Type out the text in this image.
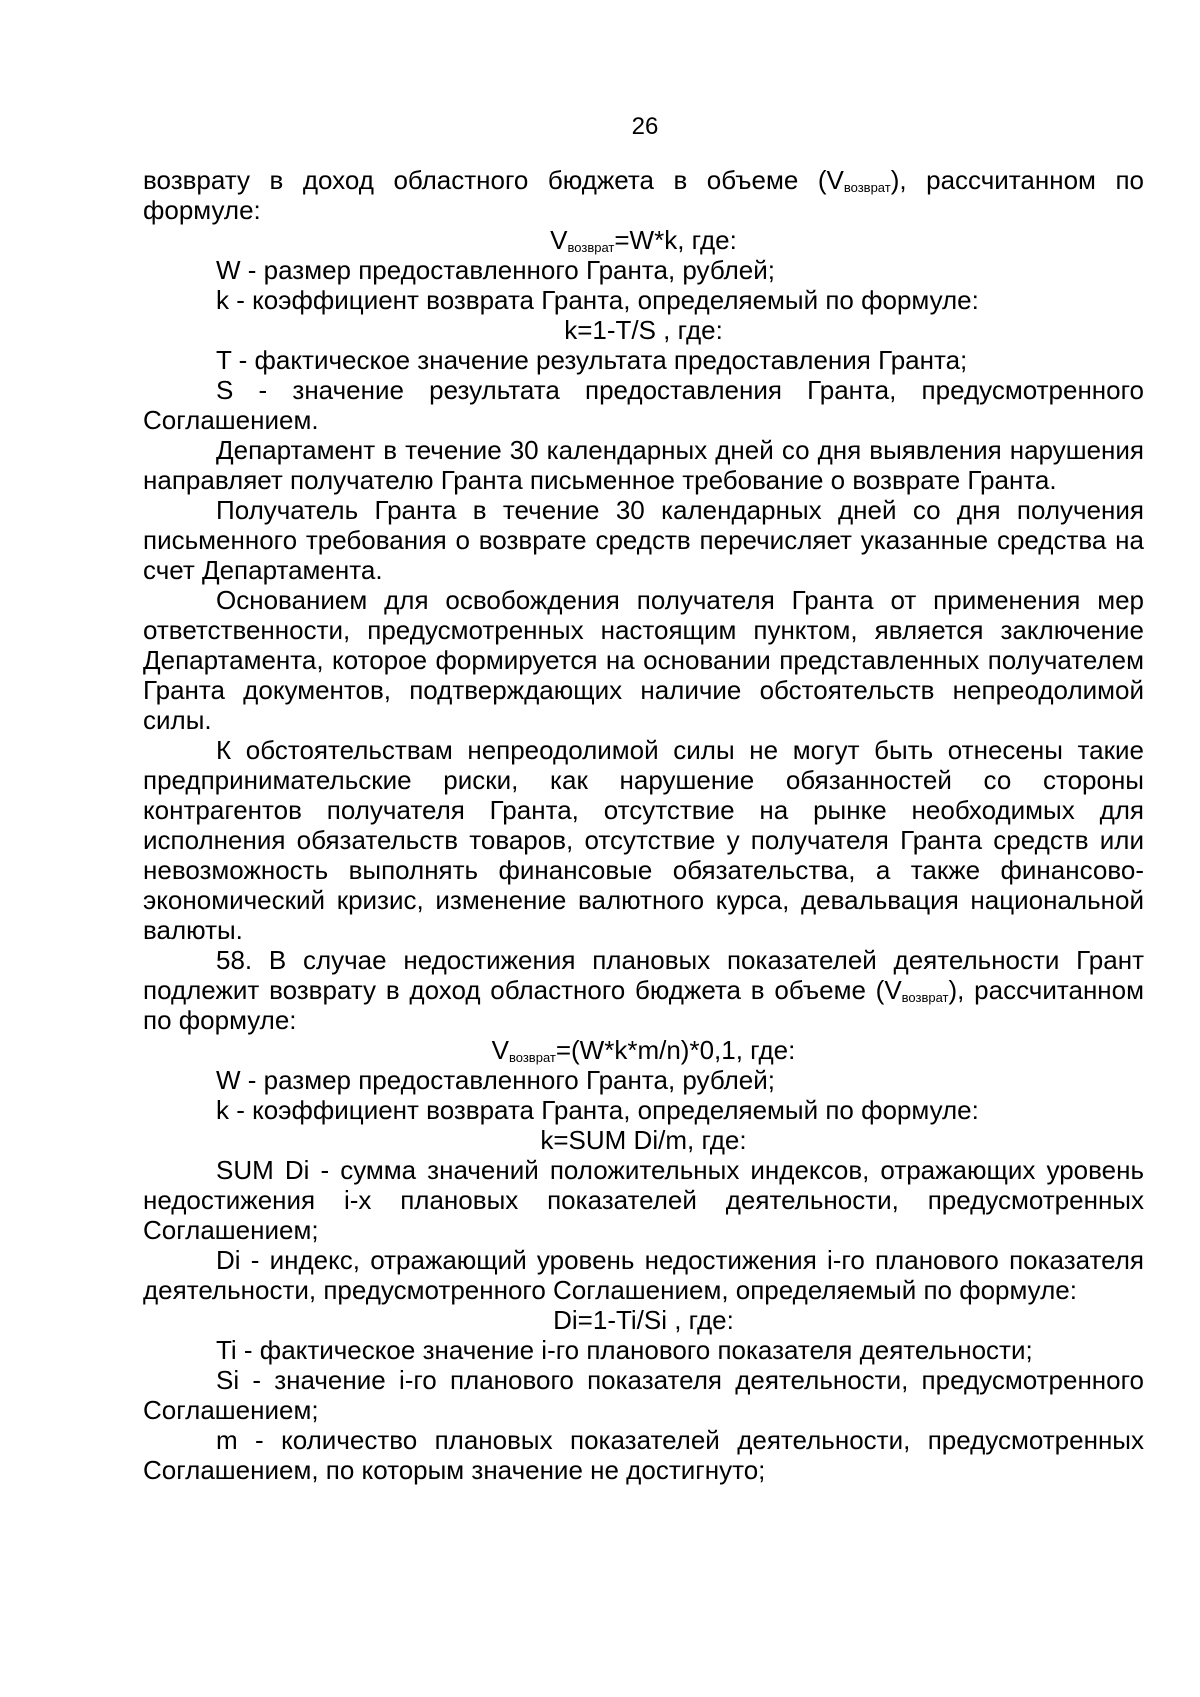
26

возврату в доход областного бюджета в объеме $(V_{возврат})$, рассчитанном по формуле:

$V_{возврат}=W*k$, где:

W - размер предоставленного Гранта, рублей;

k - коэффициент возврата Гранта, определяемый по формуле:

k=1-T/S , где:

T - фактическое значение результата предоставления Гранта;

S - значение результата предоставления Гранта, предусмотренного Соглашением.

Департамент в течение 30 календарных дней со дня выявления нарушения направляет получателю Гранта письменное требование о возврате Гранта.

Получатель Гранта в течение 30 календарных дней со дня получения письменного требования о возврате средств перечисляет указанные средства на счет Департамента.

Основанием для освобождения получателя Гранта от применения мер ответственности, предусмотренных настоящим пунктом, является заключение Департамента, которое формируется на основании представленных получателем Гранта документов, подтверждающих наличие обстоятельств непреодолимой силы.

К обстоятельствам непреодолимой силы не могут быть отнесены такие предпринимательские риски, как нарушение обязанностей со стороны контрагентов получателя Гранта, отсутствие на рынке необходимых для исполнения обязательств товаров, отсутствие у получателя Гранта средств или невозможность выполнять финансовые обязательства, а также финансово-экономический кризис, изменение валютного курса, девальвация национальной валюты.

58. В случае недостижения плановых показателей деятельности Грант подлежит возврату в доход областного бюджета в объеме $(V_{возврат})$, рассчитанном по формуле:

$V_{возврат}=(W*k*m/n)*0,1$, где:

W - размер предоставленного Гранта, рублей;

k - коэффициент возврата Гранта, определяемый по формуле:

k=SUM Di/m, где:

SUM Di - сумма значений положительных индексов, отражающих уровень недостижения i-x плановых показателей деятельности, предусмотренных Соглашением;

Di - индекс, отражающий уровень недостижения i-го планового показателя деятельности, предусмотренного Соглашением, определяемый по формуле:

Di=1-Ti/Si , где:

Ti - фактическое значение i-го планового показателя деятельности;

Si - значение i-го планового показателя деятельности, предусмотренного Соглашением;

m - количество плановых показателей деятельности, предусмотренных Соглашением, по которым значение не достигнуто;
